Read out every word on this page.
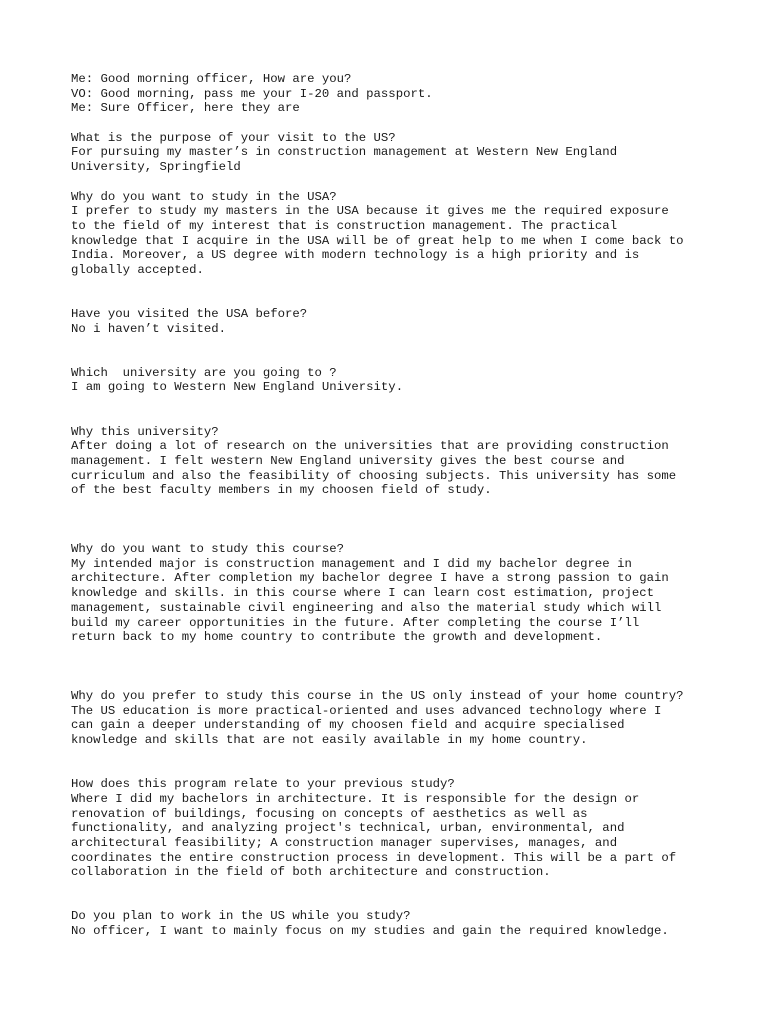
Me: Good morning officer, How are you?
VO: Good morning, pass me your I-20 and passport.
Me: Sure Officer, here they are
What is the purpose of your visit to the US?
For pursuing my master’s in construction management at Western New England
University, Springfield
Why do you want to study in the USA?
I prefer to study my masters in the USA because it gives me the required exposure
to the field of my interest that is construction management. The practical
knowledge that I acquire in the USA will be of great help to me when I come back to
India. Moreover, a US degree with modern technology is a high priority and is
globally accepted.
Have you visited the USA before?
No i haven’t visited.
Which  university are you going to ?
I am going to Western New England University.
Why this university?
After doing a lot of research on the universities that are providing construction
management. I felt western New England university gives the best course and
curriculum and also the feasibility of choosing subjects. This university has some
of the best faculty members in my choosen field of study.
Why do you want to study this course?
My intended major is construction management and I did my bachelor degree in
architecture. After completion my bachelor degree I have a strong passion to gain
knowledge and skills. in this course where I can learn cost estimation, project
management, sustainable civil engineering and also the material study which will
build my career opportunities in the future. After completing the course I’ll
return back to my home country to contribute the growth and development.
Why do you prefer to study this course in the US only instead of your home country?
The US education is more practical-oriented and uses advanced technology where I
can gain a deeper understanding of my choosen field and acquire specialised
knowledge and skills that are not easily available in my home country.
How does this program relate to your previous study?
Where I did my bachelors in architecture. It is responsible for the design or
renovation of buildings, focusing on concepts of aesthetics as well as
functionality, and analyzing project's technical, urban, environmental, and
architectural feasibility; A construction manager supervises, manages, and
coordinates the entire construction process in development. This will be a part of
collaboration in the field of both architecture and construction.
Do you plan to work in the US while you study?
No officer, I want to mainly focus on my studies and gain the required knowledge.
